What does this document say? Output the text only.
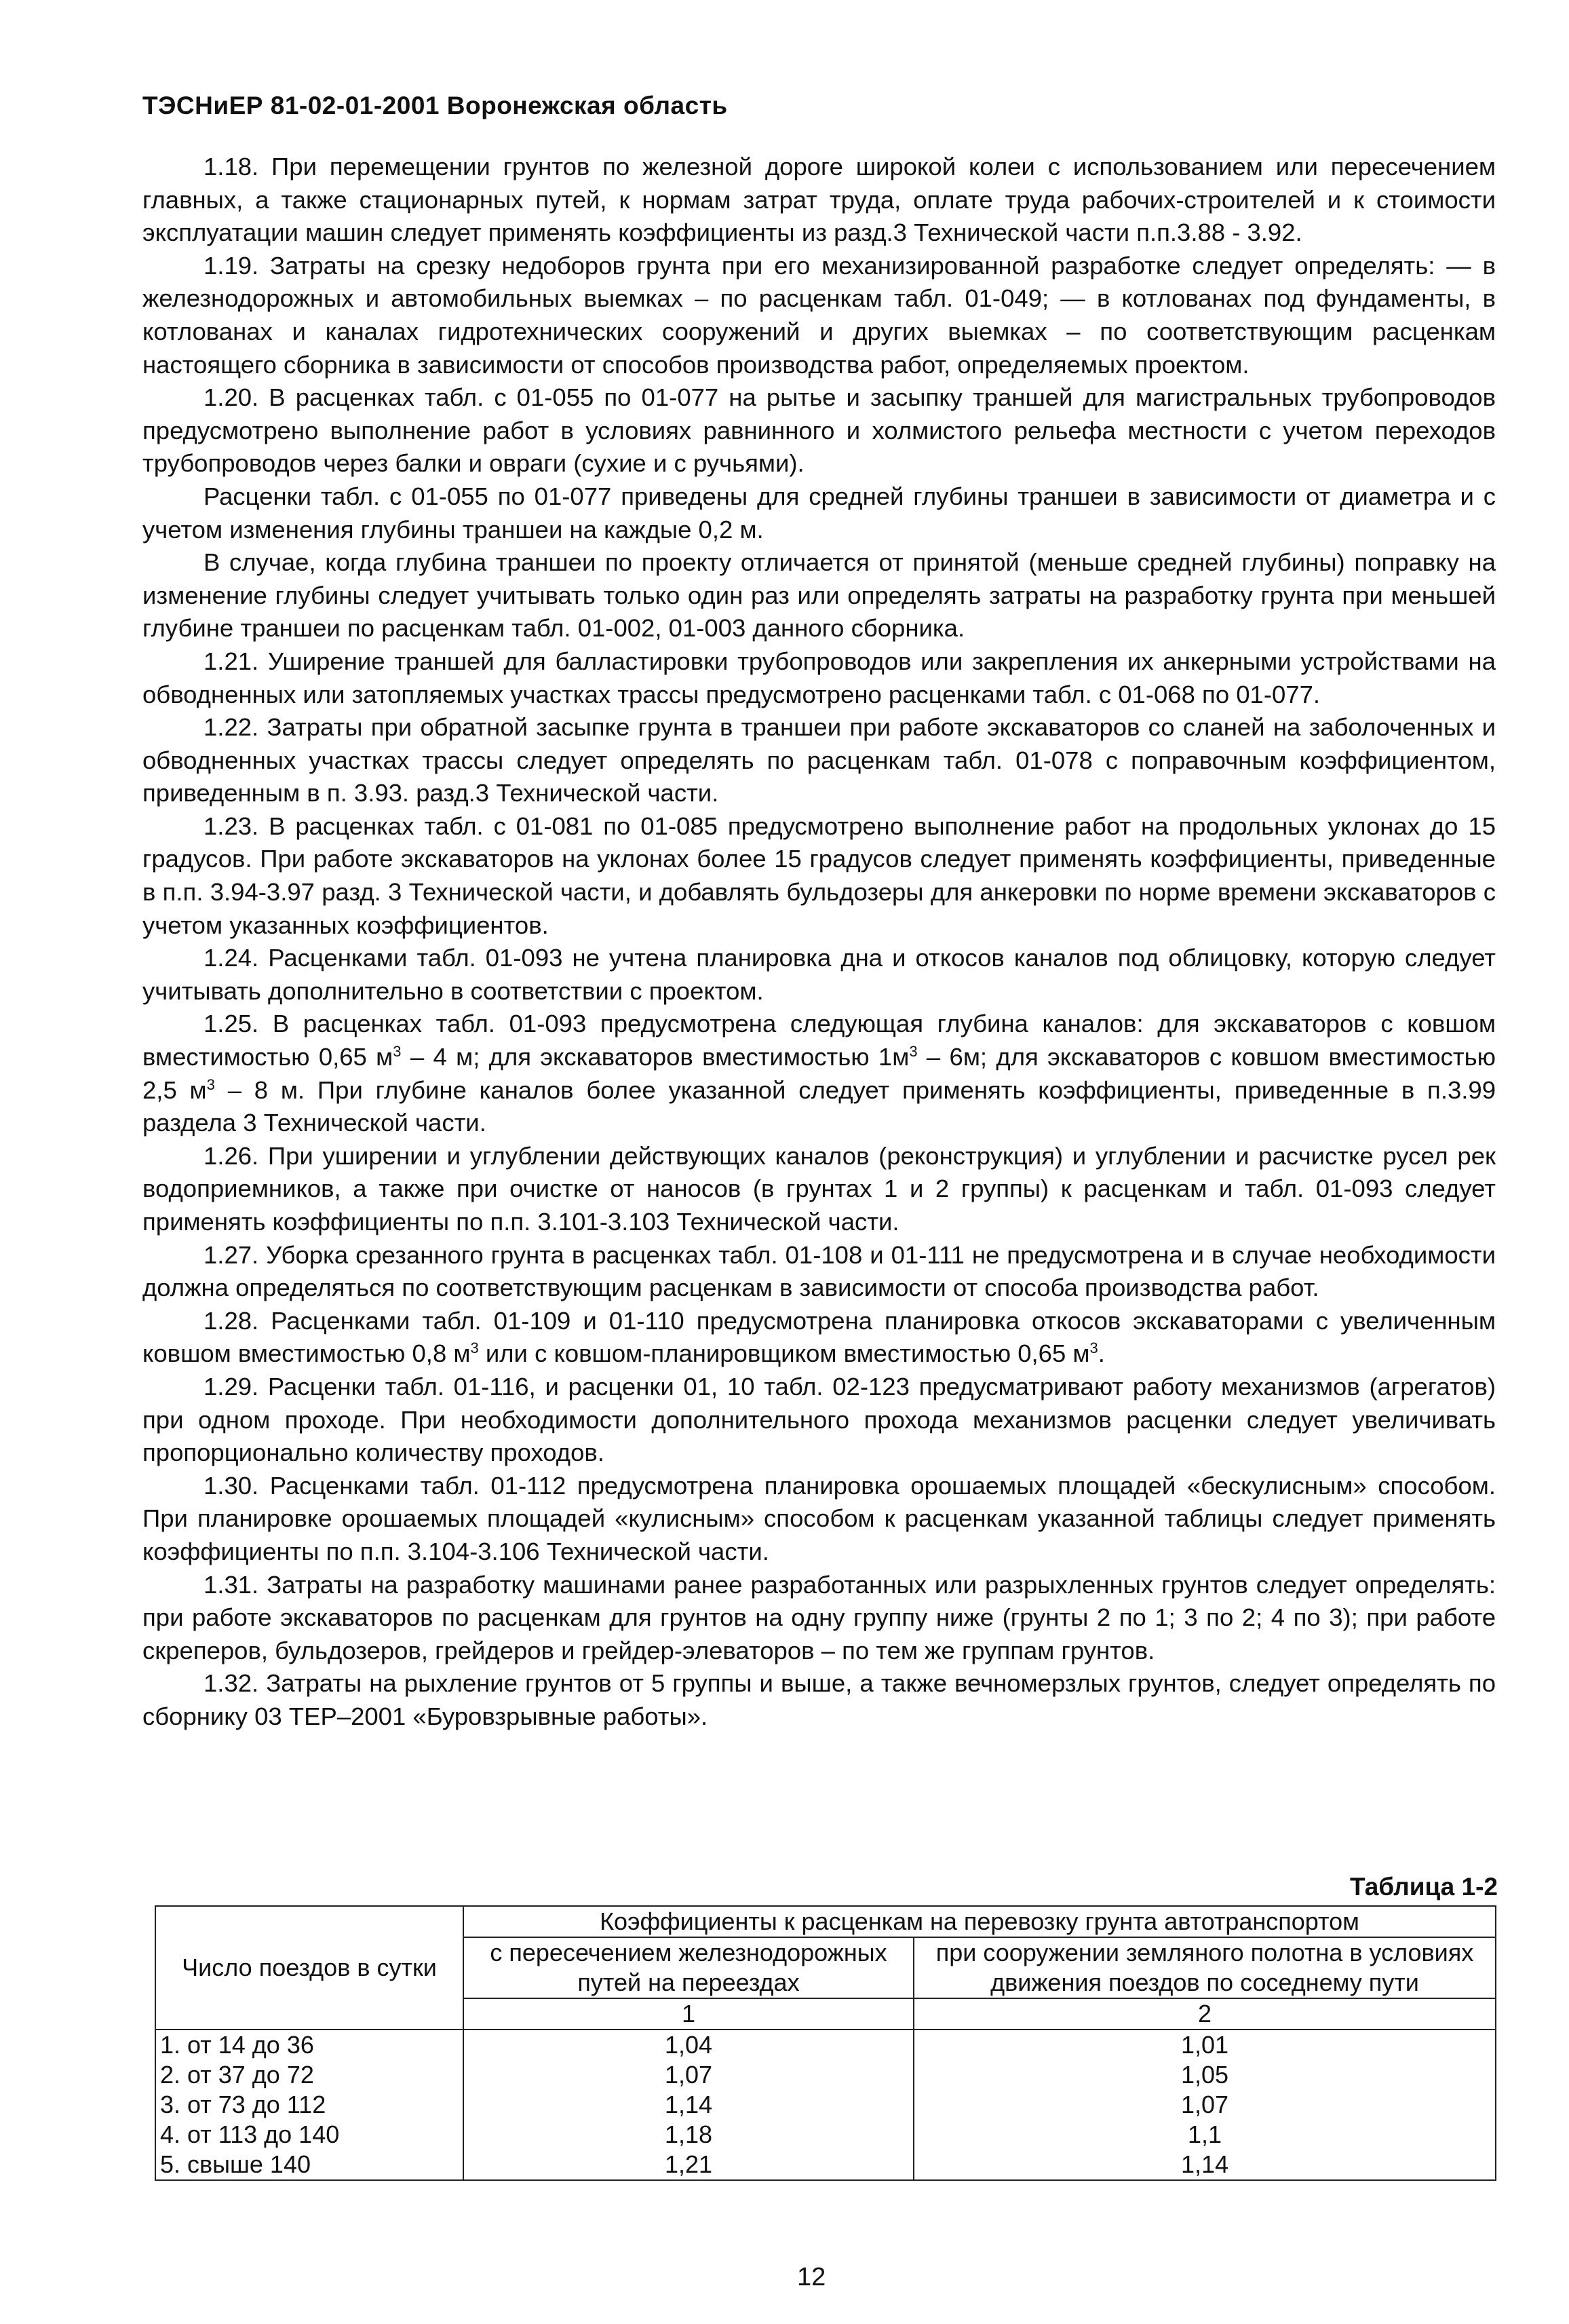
ТЭСНиЕР 81-02-01-2001 Воронежская область

1.18. При перемещении грунтов по железной дороге широкой колеи с использованием или пересечением главных, а также стационарных путей, к нормам затрат труда, оплате труда рабочих-строителей и к стоимости эксплуатации машин следует применять коэффициенты из разд.3 Технической части п.п.3.88 - 3.92.

1.19. Затраты на срезку недоборов грунта при его механизированной разработке следует определять: — в железнодорожных и автомобильных выемках – по расценкам табл. 01-049; — в котлованах под фундаменты, в котлованах и каналах гидротехнических сооружений и других выемках – по соответствующим расценкам настоящего сборника в зависимости от способов производства работ, определяемых проектом.

1.20. В расценках табл. с 01-055 по 01-077 на рытье и засыпку траншей для магистральных трубопроводов предусмотрено выполнение работ в условиях равнинного и холмистого рельефа местности с учетом переходов трубопроводов через балки и овраги (сухие и с ручьями).

Расценки табл. с 01-055 по 01-077 приведены для средней глубины траншеи в зависимости от диаметра и с учетом изменения глубины траншеи на каждые 0,2 м.

В случае, когда глубина траншеи по проекту отличается от принятой (меньше средней глубины) поправку на изменение глубины следует учитывать только один раз или определять затраты на разработку грунта при меньшей глубине траншеи по расценкам табл. 01-002, 01-003 данного сборника.

1.21. Уширение траншей для балластировки трубопроводов или закрепления их анкерными устройствами на обводненных или затопляемых участках трассы предусмотрено расценками табл. с 01-068 по 01-077.

1.22. Затраты при обратной засыпке грунта в траншеи при работе экскаваторов со сланей на заболоченных и обводненных участках трассы следует определять по расценкам табл. 01-078 с поправочным коэффициентом, приведенным в п. 3.93. разд.3 Технической части.

1.23. В расценках табл. с 01-081 по 01-085 предусмотрено выполнение работ на продольных уклонах до 15 градусов. При работе экскаваторов на уклонах более 15 градусов следует применять коэффициенты, приведенные в п.п. 3.94-3.97 разд. 3 Технической части, и добавлять бульдозеры для анкеровки по норме времени экскаваторов с учетом указанных коэффициентов.

1.24. Расценками табл. 01-093 не учтена планировка дна и откосов каналов под облицовку, которую следует учитывать дополнительно в соответствии с проектом.

1.25. В расценках табл. 01-093 предусмотрена следующая глубина каналов: для экскаваторов с ковшом вместимостью 0,65 $м^3 - 4$ м; для экскаваторов вместимостью $1м^3 - 6м$; для экскаваторов с ковшом вместимостью 2,5 $м^3 - 8$ м. При глубине каналов более указанной следует применять коэффициенты, приведенные в п.3.99 раздела 3 Технической части.

1.26. При уширении и углублении действующих каналов (реконструкция) и углублении и расчистке русел рек водоприемников, а также при очистке от наносов (в грунтах 1 и 2 группы) к расценкам и табл. 01-093 следует применять коэффициенты по п.п. 3.101-3.103 Технической части.

1.27. Уборка срезанного грунта в расценках табл. 01-108 и 01-111 не предусмотрена и в случае необходимости должна определяться по соответствующим расценкам в зависимости от способа производства работ.

1.28. Расценками табл. 01-109 и 01-110 предусмотрена планировка откосов экскаваторами с увеличенным ковшом вместимостью 0,8 $м^3$ или с ковшом-планировщиком вместимостью 0,65 $м^3$.

1.29. Расценки табл. 01-116, и расценки 01, 10 табл. 02-123 предусматривают работу механизмов (агрегатов) при одном проходе. При необходимости дополнительного прохода механизмов расценки следует увеличивать пропорционально количеству проходов.

1.30. Расценками табл. 01-112 предусмотрена планировка орошаемых площадей «бескулисным» способом. При планировке орошаемых площадей «кулисным» способом к расценкам указанной таблицы следует применять коэффициенты по п.п. 3.104-3.106 Технической части.

1.31. Затраты на разработку машинами ранее разработанных или разрыхленных грунтов следует определять: при работе экскаваторов по расценкам для грунтов на одну группу ниже (грунты 2 по 1; 3 по 2; 4 по 3); при работе скреперов, бульдозеров, грейдеров и грейдер-элеваторов – по тем же группам грунтов.

1.32. Затраты на рыхление грунтов от 5 группы и выше, а также вечномерзлых грунтов, следует определять по сборнику 03 ТЕР–2001 «Буровзрывные работы».

Таблица 1-2
Число поездов в сутки	Коэффициенты к расценкам на перевозку грунта автотранспортом	
	с пересечением железнодорожных путей на переездах	при сооружении земляного полотна в условиях движения поездов по соседнему пути
	1	2
1. от 14 до 36	1,04	1,01
2. от 37 до 72	1,07	1,05
3. от 73 до 112	1,14	1,07
4. от 113 до 140	1,18	1,1
5. свыше 140	1,21	1,14
12
